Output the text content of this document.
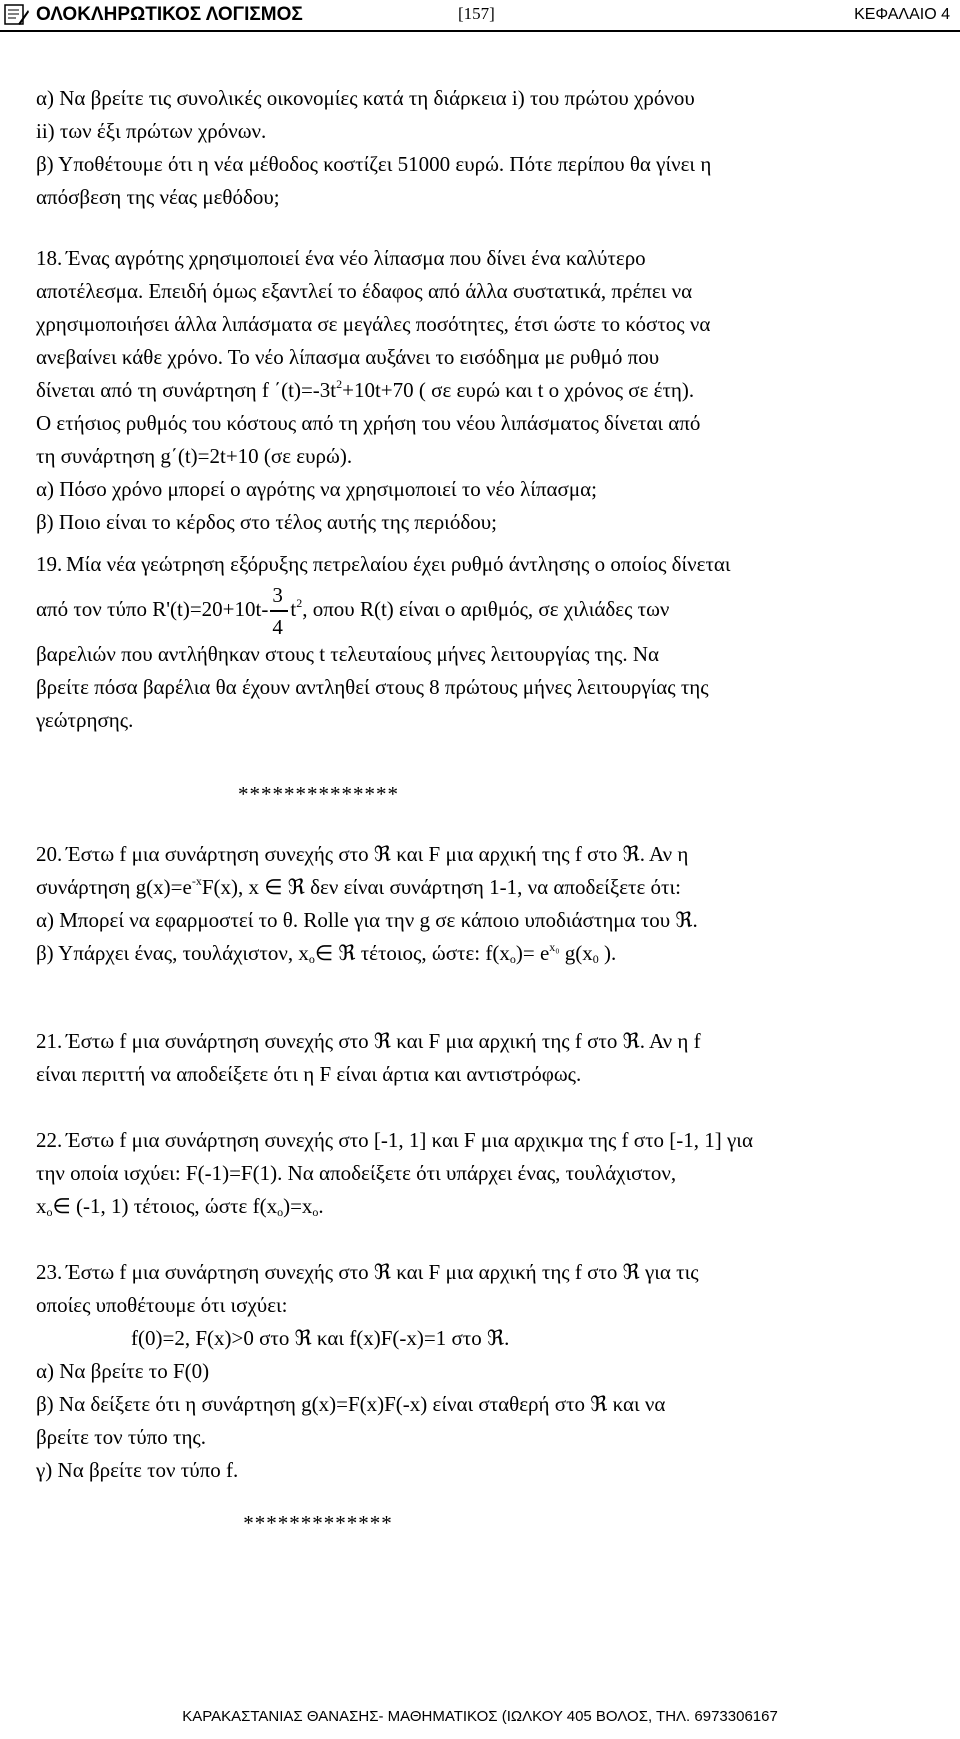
ΟΛΟΚΛΗΡΩΤΙΚΟΣ ΛΟΓΙΣΜΟΣ	[157]	ΚΕΦΑΛΑΙΟ 4
α) Να βρείτε τις συνολικές οικονομίες κατά τη διάρκεια i) του πρώτου χρόνου
ii) των έξι πρώτων χρόνων.
β) Υποθέτουμε ότι η νέα μέθοδος κοστίζει 51000 ευρώ. Πότε περίπου θα γίνει η
απόσβεση της νέας μεθόδου;
18. Ένας αγρότης χρησιμοποιεί ένα νέο λίπασμα που δίνει ένα καλύτερο
αποτέλεσμα. Επειδή όμως εξαντλεί το έδαφος από άλλα συστατικά, πρέπει να
χρησιμοποιήσει άλλα λιπάσματα σε μεγάλες ποσότητες, έτσι ώστε το κόστος να
ανεβαίνει κάθε χρόνο. Το νέο λίπασμα αυξάνει το εισόδημα με ρυθμό που
δίνεται από τη συνάρτηση f $΄(t)=-3t^2+10t+70$ ( σε ευρώ και t ο χρόνος σε έτη).
Ο ετήσιος ρυθμός του κόστους από τη χρήση του νέου λιπάσματος δίνεται από
τη συνάρτηση g΄(t)=2t+10 (σε ευρώ).
α) Πόσο χρόνο μπορεί ο αγρότης να χρησιμοποιεί το νέο λίπασμα;
β) Ποιο είναι το κέρδος στο τέλος αυτής της περιόδου;
19. Μία νέα γεώτρηση εξόρυξης πετρελαίου έχει ρυθμό άντλησης ο οποίος δίνεται
από τον τύπο $R'(t)=20+10t- \frac{3}{4} t^2$, οπου R(t) είναι ο αριθμός, σε χιλιάδες των
βαρελιών που αντλήθηκαν στους t τελευταίους μήνες λειτουργίας της. Να
βρείτε πόσα βαρέλια θα έχουν αντληθεί στους 8 πρώτους μήνες λειτουργίας της
γεώτρησης.
**************
20. Έστω f μια συνάρτηση συνεχής στο ℜ και F μια αρχική της f στο ℜ. Αν η
συνάρτηση $g(x)=e^{-x}F(x)$, x ∈ ℜ δεν είναι συνάρτηση 1-1, να αποδείξετε ότι:
α) Μπορεί να εφαρμοστεί το θ. Rolle για την g σε κάποιο υποδιάστημα του ℜ.
β) Υπάρχει ένας, τουλάχιστον, $x_o\in$ ℜ τέτοιος, ώστε: $f(x_o)= e^{x_0}$ $g(x_0$ ).
21. Έστω f μια συνάρτηση συνεχής στο ℜ και F μια αρχική της f στο ℜ. Αν η f
είναι περιττή να αποδείξετε ότι η F είναι άρτια και αντιστρόφως.
22. Έστω f μια συνάρτηση συνεχής στο [-1, 1] και F μια αρχικμα της f στο [-1, 1] για
την οποία ισχύει: F(-1)=F(1). Να αποδείξετε ότι υπάρχει ένας, τουλάχιστον,
$x_o\in$ (-1, 1) τέτοιος, ώστε $f(x_o)=x_o$.
23. Έστω f μια συνάρτηση συνεχής στο ℜ και F μια αρχική της f στο ℜ για τις
οποίες υποθέτουμε ότι ισχύει:
f(0)=2, F(x)>0 στο ℜ και f(x)F(-x)=1 στο ℜ.
α) Να βρείτε το F(0)
β) Να δείξετε ότι η συνάρτηση g(x)=F(x)F(-x) είναι σταθερή στο ℜ και να
βρείτε τον τύπο της.
γ) Να βρείτε τον τύπο f.
*************
ΚΑΡΑΚΑΣΤΑΝΙΑΣ ΘΑΝΑΣΗΣ- ΜΑΘΗΜΑΤΙΚΟΣ (ΙΩΛΚΟΥ 405 ΒΟΛΟΣ, ΤΗΛ. 6973306167
